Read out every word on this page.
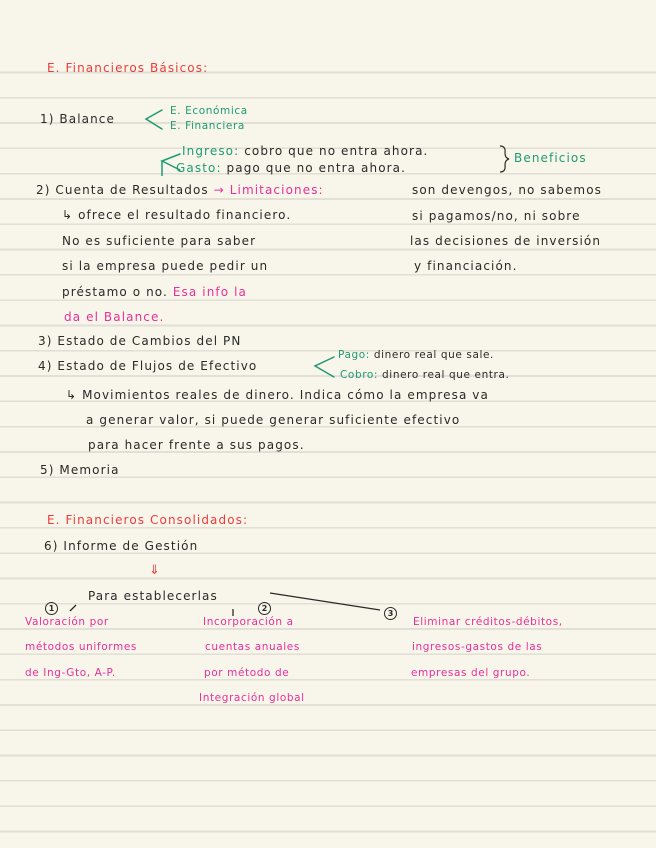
E. Financieros Básicos:
1) Balance
E. Económica
E. Financiera
Ingreso: cobro que no entra ahora.
Gasto: pago que no entra ahora.
Beneficios
2) Cuenta de Resultados → Limitaciones:	son devengos, no sabemos
si pagamos/no, ni sobre
las decisiones de inversión
y financiación.
↳ ofrece el resultado financiero.
No es suficiente para saber
si la empresa puede pedir un
préstamo o no. Esa info la
da el Balance.
3) Estado de Cambios del PN
4) Estado de Flujos de Efectivo
Pago: dinero real que sale.
Cobro: dinero real que entra.
↳ Movimientos reales de dinero. Indica cómo la empresa va
a generar valor, si puede generar suficiente efectivo
para hacer frente a sus pagos.
5) Memoria
E. Financieros Consolidados:
6) Informe de Gestión
⇓
Para establecerlas
1	2
3
Valoración por
métodos uniformes
de Ing-Gto, A-P.
Incorporación a
cuentas anuales
por método de
Integración global
Eliminar créditos-débitos,
ingresos-gastos de las
empresas del grupo.
